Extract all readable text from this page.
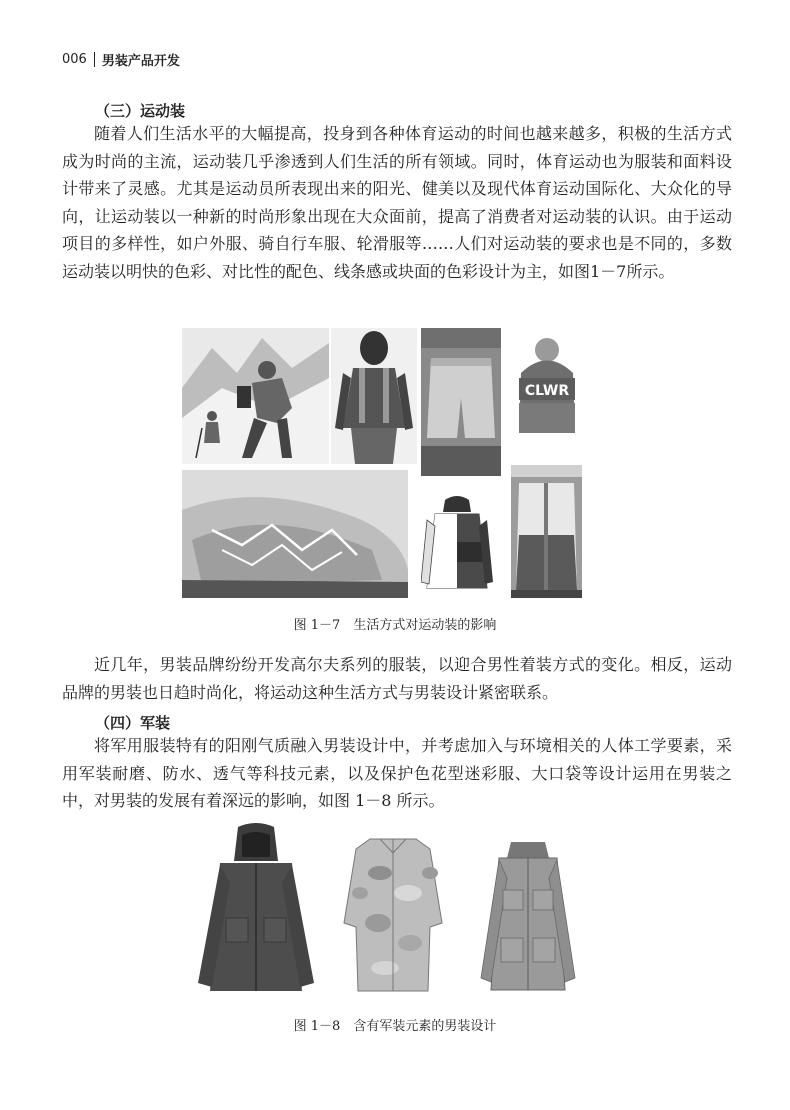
006 男装产品开发
（三）运动装

随着人们生活水平的大幅提高，投身到各种体育运动的时间也越来越多，积极的生活方式成为时尚的主流，运动装几乎渗透到人们生活的所有领域。同时，体育运动也为服装和面料设计带来了灵感。尤其是运动员所表现出来的阳光、健美以及现代体育运动国际化、大众化的导向，让运动装以一种新的时尚形象出现在大众面前，提高了消费者对运动装的认识。由于运动项目的多样性，如户外服、骑自行车服、轮滑服等……人们对运动装的要求也是不同的，多数运动装以明快的色彩、对比性的配色、线条感或块面的色彩设计为主，如图1－7所示。

CLWR
图 1－7　生活方式对运动装的影响

近几年，男装品牌纷纷开发高尔夫系列的服装，以迎合男性着装方式的变化。相反，运动品牌的男装也日趋时尚化，将运动这种生活方式与男装设计紧密联系。

（四）军装

将军用服装特有的阳刚气质融入男装设计中，并考虑加入与环境相关的人体工学要素，采用军装耐磨、防水、透气等科技元素，以及保护色花型迷彩服、大口袋等设计运用在男装之中，对男装的发展有着深远的影响，如图 1－8 所示。

图 1－8　含有军装元素的男装设计
